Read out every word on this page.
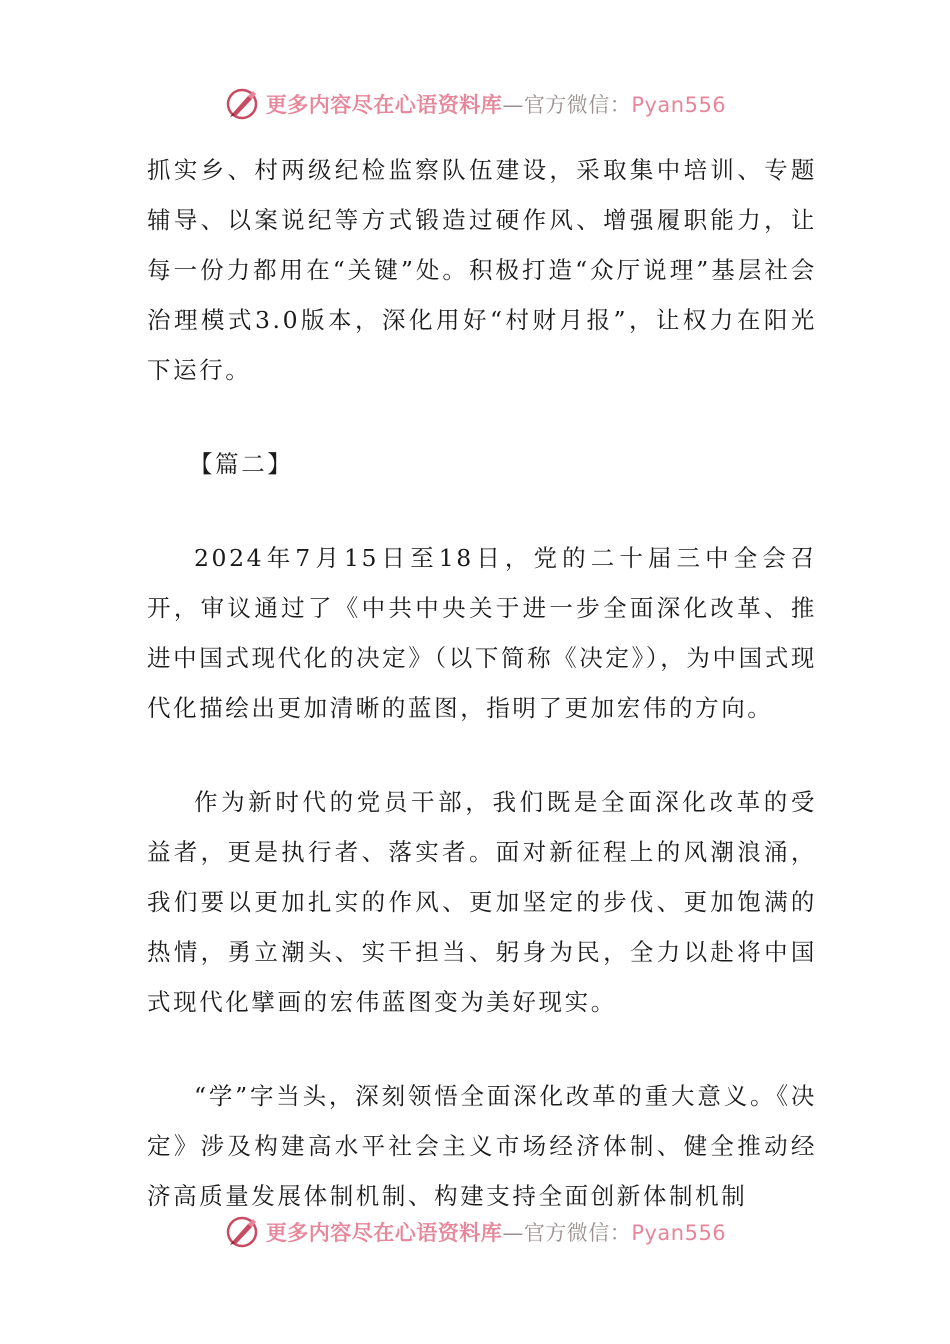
更多内容尽在心语资料库—官方微信：Pyan556

抓实乡、村两级纪检监察队伍建设，采取集中培训、专题辅导、以案说纪等方式锻造过硬作风、增强履职能力，让每一份力都用在“关键”处。积极打造“众厅说理”基层社会治理模式3.0版本，深化用好“村财月报”，让权力在阳光下运行。

【篇二】

2024年7月15日至18日，党的二十届三中全会召开，审议通过了《中共中央关于进一步全面深化改革、推进中国式现代化的决定》（以下简称《决定》），为中国式现代化描绘出更加清晰的蓝图，指明了更加宏伟的方向。

作为新时代的党员干部，我们既是全面深化改革的受益者，更是执行者、落实者。面对新征程上的风潮浪涌，我们要以更加扎实的作风、更加坚定的步伐、更加饱满的热情，勇立潮头、实干担当、躬身为民，全力以赴将中国式现代化擘画的宏伟蓝图变为美好现实。

“学”字当头，深刻领悟全面深化改革的重大意义。《决定》涉及构建高水平社会主义市场经济体制、健全推动经济高质量发展体制机制、构建支持全面创新体制机制

更多内容尽在心语资料库—官方微信：Pyan556
